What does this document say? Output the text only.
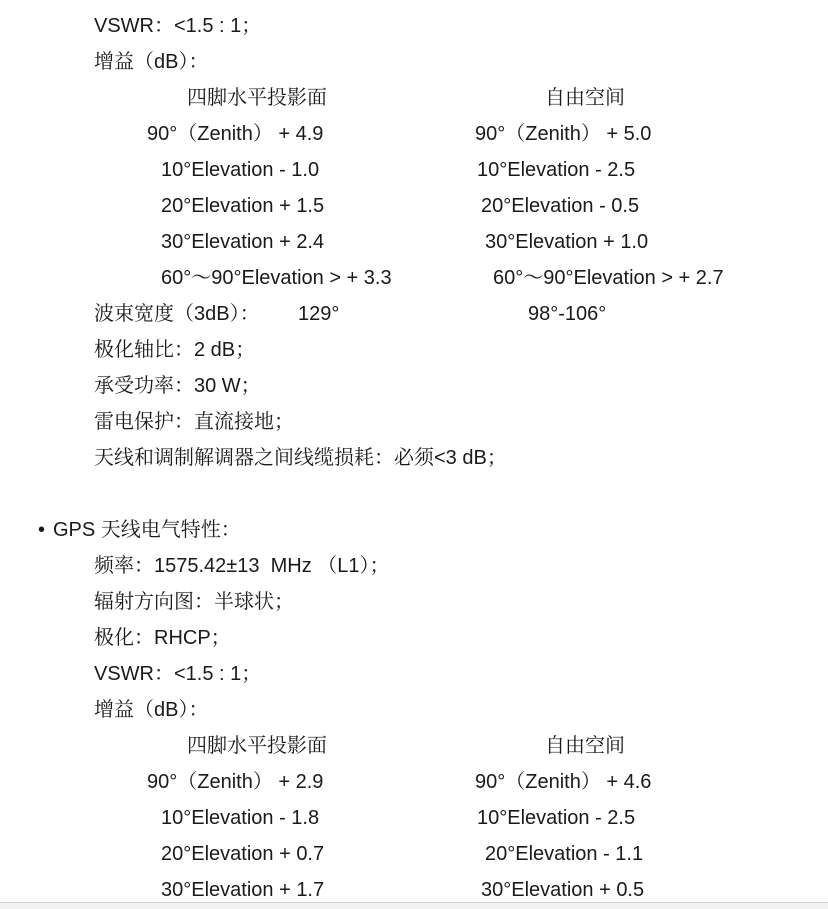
VSWR：<1.5 : 1；
增益（dB）：
四脚水平投影面	自由空间
90°（Zenith） + 4.9	90°（Zenith） + 5.0
10°Elevation - 1.0	10°Elevation - 2.5
20°Elevation + 1.5	20°Elevation - 0.5
30°Elevation + 2.4	30°Elevation + 1.0
60°～90°Elevation > + 3.3	60°～90°Elevation > + 2.7
波束宽度（3dB）： 129°	98°-106°
极化轴比：2 dB；
承受功率：30 W；
雷电保护：直流接地；
天线和调制解调器之间线缆损耗：必须<3 dB；
• GPS 天线电气特性：
频率：1575.42±13  MHz （L1）；
辐射方向图：半球状；
极化：RHCP；
VSWR：<1.5 : 1；
增益（dB）：
四脚水平投影面	自由空间
90°（Zenith） + 2.9	90°（Zenith） + 4.6
10°Elevation - 1.8	10°Elevation - 2.5
20°Elevation + 0.7	20°Elevation - 1.1
30°Elevation + 1.7	30°Elevation + 0.5
